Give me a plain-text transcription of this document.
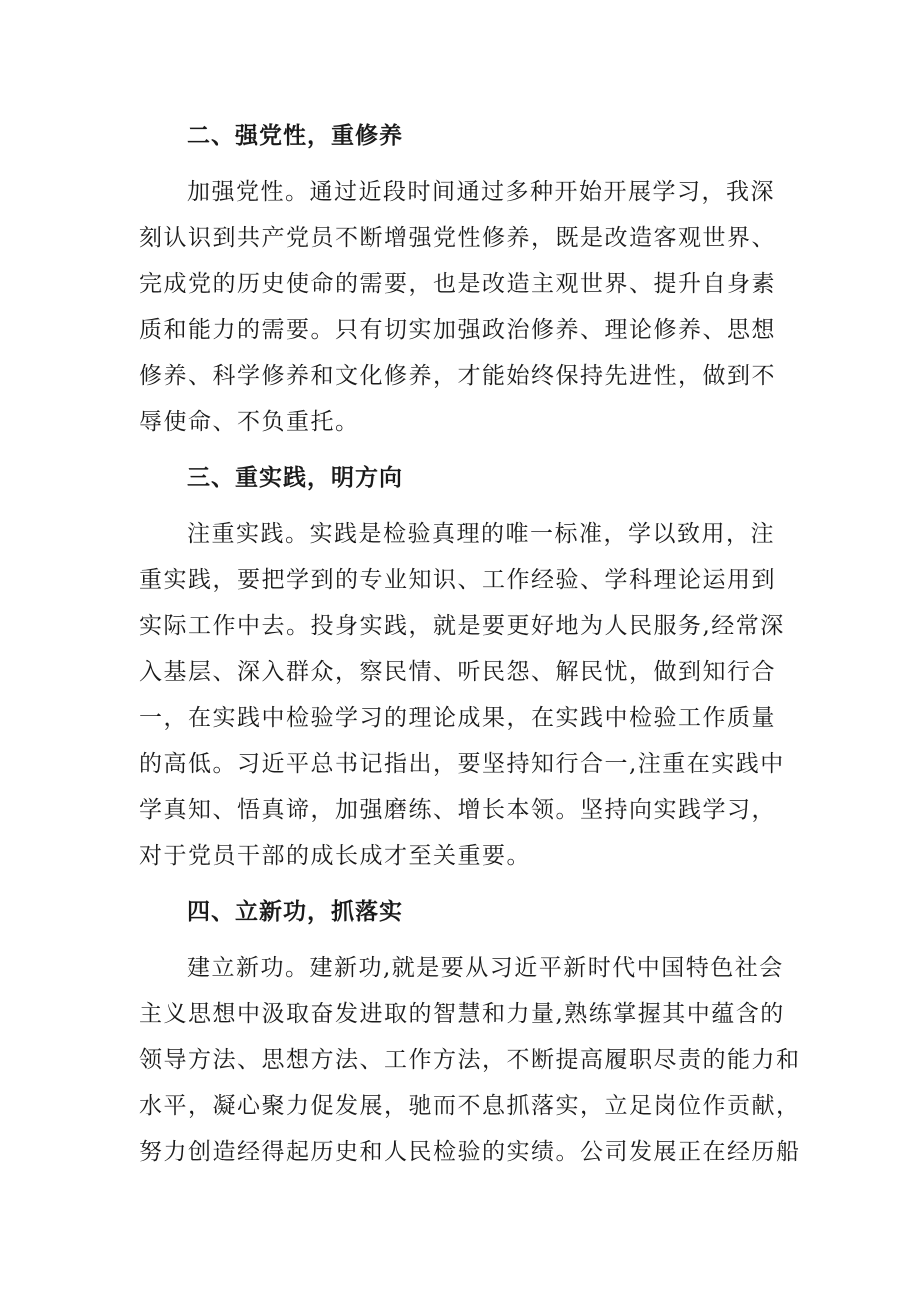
二、强党性，重修养
加强党性。通过近段时间通过多种开始开展学习，我深
刻认识到共产党员不断增强党性修养，既是改造客观世界、
完成党的历史使命的需要，也是改造主观世界、提升自身素
质和能力的需要。只有切实加强政治修养、理论修养、思想
修养、科学修养和文化修养，才能始终保持先进性，做到不
辱使命、不负重托。
三、重实践，明方向
注重实践。实践是检验真理的唯一标准，学以致用，注
重实践，要把学到的专业知识、工作经验、学科理论运用到
实际工作中去。投身实践，就是要更好地为人民服务,经常深
入基层、深入群众，察民情、听民怨、解民忧，做到知行合
一，在实践中检验学习的理论成果，在实践中检验工作质量
的高低。习近平总书记指出，要坚持知行合一,注重在实践中
学真知、悟真谛，加强磨练、增长本领。坚持向实践学习，
对于党员干部的成长成才至关重要。
四、立新功，抓落实
建立新功。建新功,就是要从习近平新时代中国特色社会
主义思想中汲取奋发进取的智慧和力量,熟练掌握其中蕴含的
领导方法、思想方法、工作方法，不断提高履职尽责的能力和
水平，凝心聚力促发展，驰而不息抓落实，立足岗位作贡献，
努力创造经得起历史和人民检验的实绩。公司发展正在经历船
